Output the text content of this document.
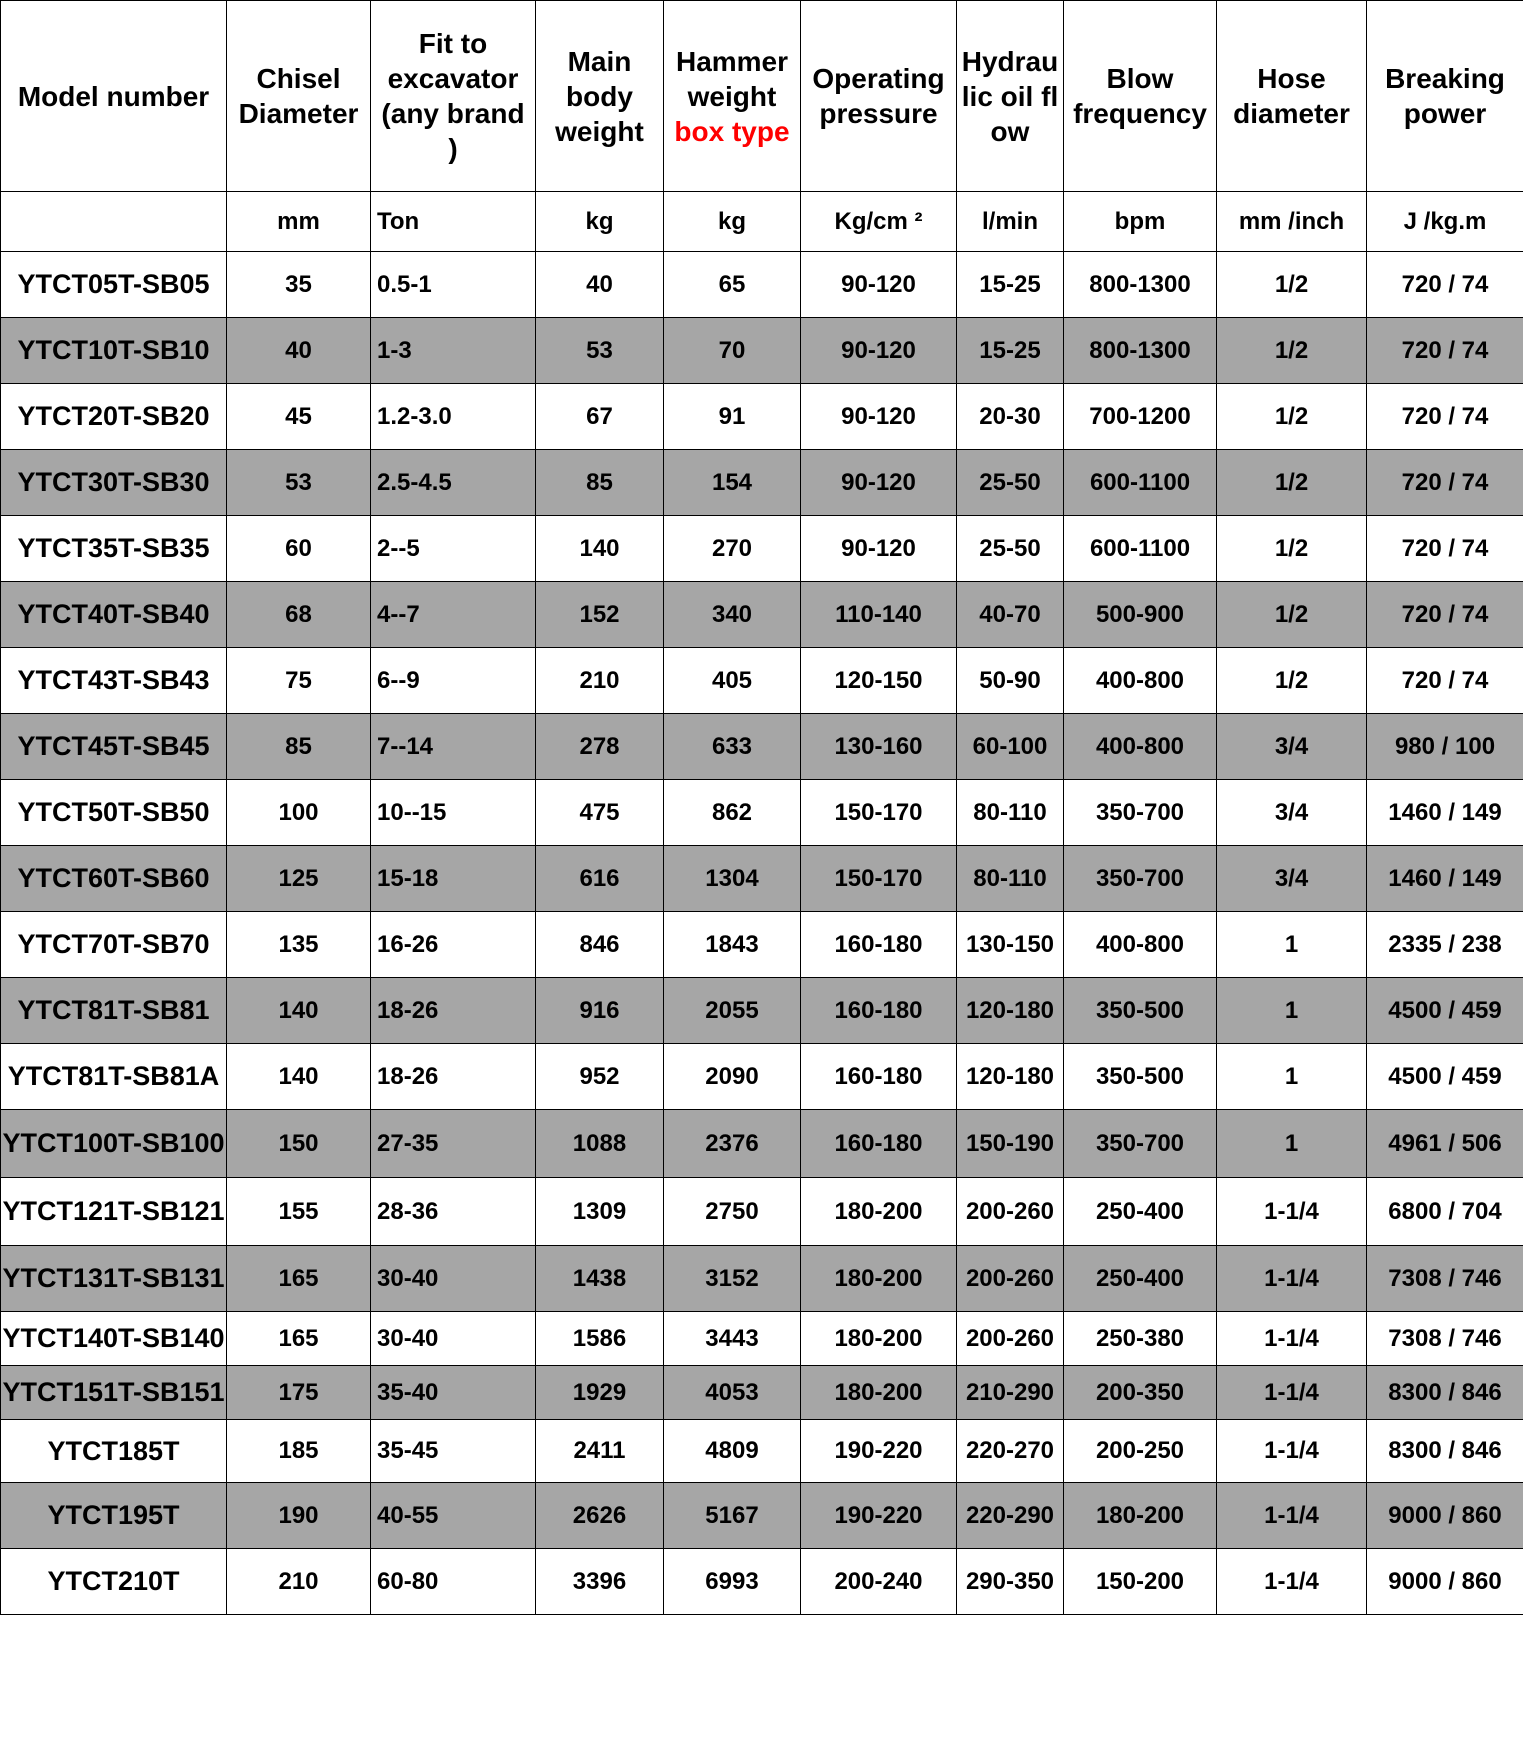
Model number	Chisel Diameter	Fit to excavator (any brand )	Main body weight	Hammer weight
box type	Operating pressure	Hydraulic oil flow	Blow frequency	Hose diameter	Breaking power
	mm	Ton	kg	kg	Kg/cm ²	l/min	bpm	mm /inch	J /kg.m
YTCT05T-SB05	35	0.5-1	40	65	90-120	15-25	800-1300	1/2	720 / 74
YTCT10T-SB10	40	1-3	53	70	90-120	15-25	800-1300	1/2	720 / 74
YTCT20T-SB20	45	1.2-3.0	67	91	90-120	20-30	700-1200	1/2	720 / 74
YTCT30T-SB30	53	2.5-4.5	85	154	90-120	25-50	600-1100	1/2	720 / 74
YTCT35T-SB35	60	2--5	140	270	90-120	25-50	600-1100	1/2	720 / 74
YTCT40T-SB40	68	4--7	152	340	110-140	40-70	500-900	1/2	720 / 74
YTCT43T-SB43	75	6--9	210	405	120-150	50-90	400-800	1/2	720 / 74
YTCT45T-SB45	85	7--14	278	633	130-160	60-100	400-800	3/4	980 / 100
YTCT50T-SB50	100	10--15	475	862	150-170	80-110	350-700	3/4	1460 / 149
YTCT60T-SB60	125	15-18	616	1304	150-170	80-110	350-700	3/4	1460 / 149
YTCT70T-SB70	135	16-26	846	1843	160-180	130-150	400-800	1	2335 / 238
YTCT81T-SB81	140	18-26	916	2055	160-180	120-180	350-500	1	4500 / 459
YTCT81T-SB81A	140	18-26	952	2090	160-180	120-180	350-500	1	4500 / 459
YTCT100T-SB100	150	27-35	1088	2376	160-180	150-190	350-700	1	4961 / 506
YTCT121T-SB121	155	28-36	1309	2750	180-200	200-260	250-400	1-1/4	6800 / 704
YTCT131T-SB131	165	30-40	1438	3152	180-200	200-260	250-400	1-1/4	7308 / 746
YTCT140T-SB140	165	30-40	1586	3443	180-200	200-260	250-380	1-1/4	7308 / 746
YTCT151T-SB151	175	35-40	1929	4053	180-200	210-290	200-350	1-1/4	8300 / 846
YTCT185T	185	35-45	2411	4809	190-220	220-270	200-250	1-1/4	8300 / 846
YTCT195T	190	40-55	2626	5167	190-220	220-290	180-200	1-1/4	9000 / 860
YTCT210T	210	60-80	3396	6993	200-240	290-350	150-200	1-1/4	9000 / 860
